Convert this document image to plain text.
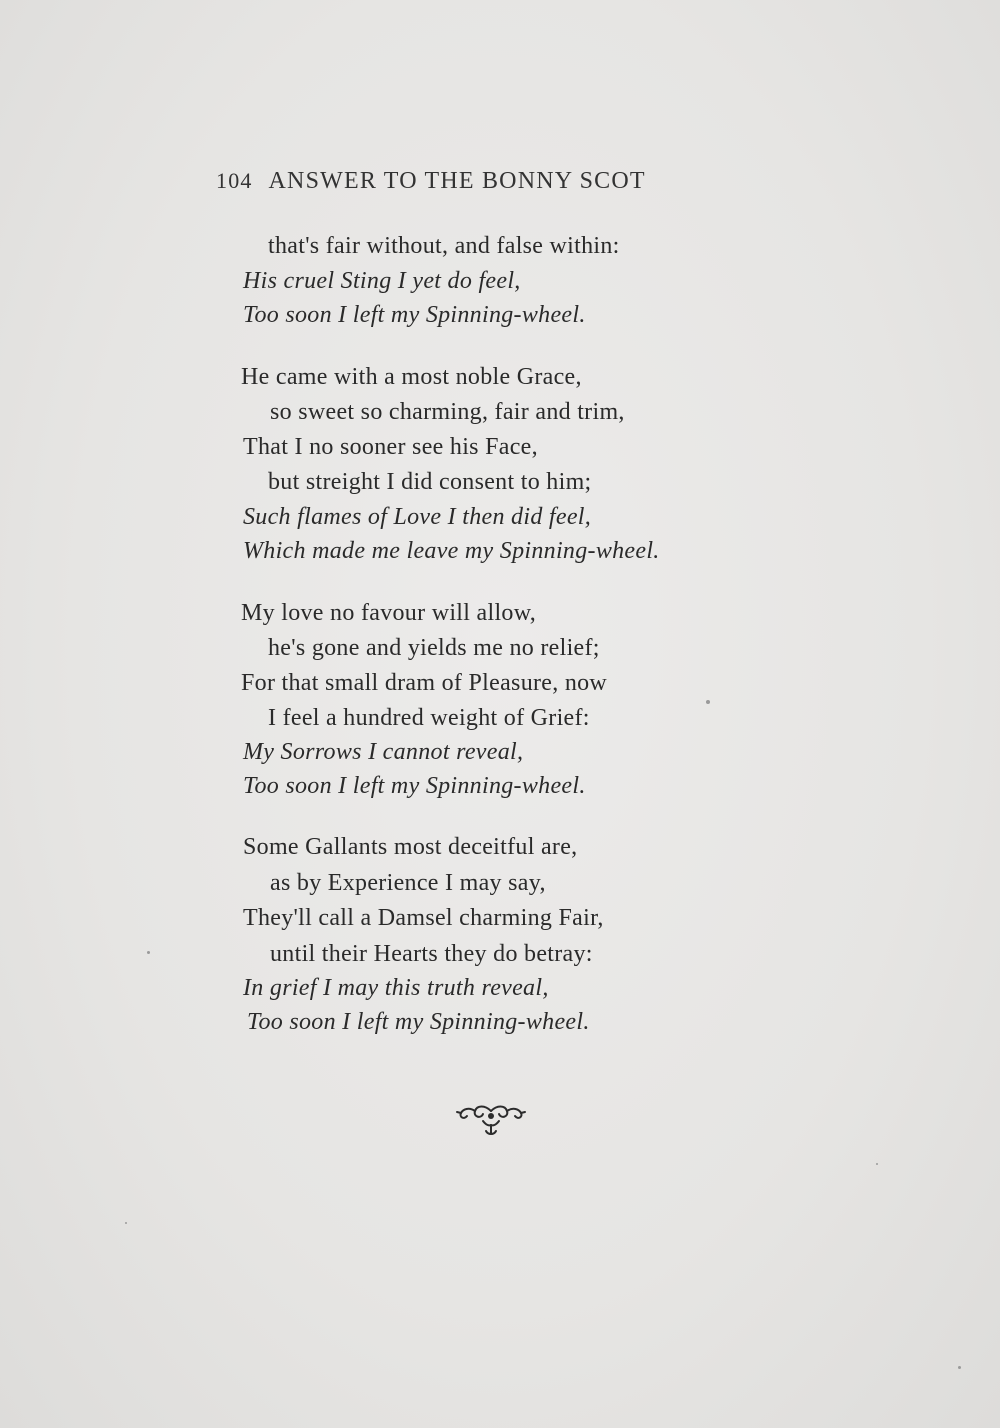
104 ANSWER TO THE BONNY SCOT
that's fair without, and false within:
His cruel Sting I yet do feel,
Too soon I left my Spinning-wheel.
He came with a most noble Grace,
so sweet so charming, fair and trim,
That I no sooner see his Face,
but streight I did consent to him;
Such flames of Love I then did feel,
Which made me leave my Spinning-wheel.
My love no favour will allow,
he's gone and yields me no relief;
For that small dram of Pleasure, now
I feel a hundred weight of Grief:
My Sorrows I cannot reveal,
Too soon I left my Spinning-wheel.
Some Gallants most deceitful are,
as by Experience I may say,
They'll call a Damsel charming Fair,
until their Hearts they do betray:
In grief I may this truth reveal,
Too soon I left my Spinning-wheel.
